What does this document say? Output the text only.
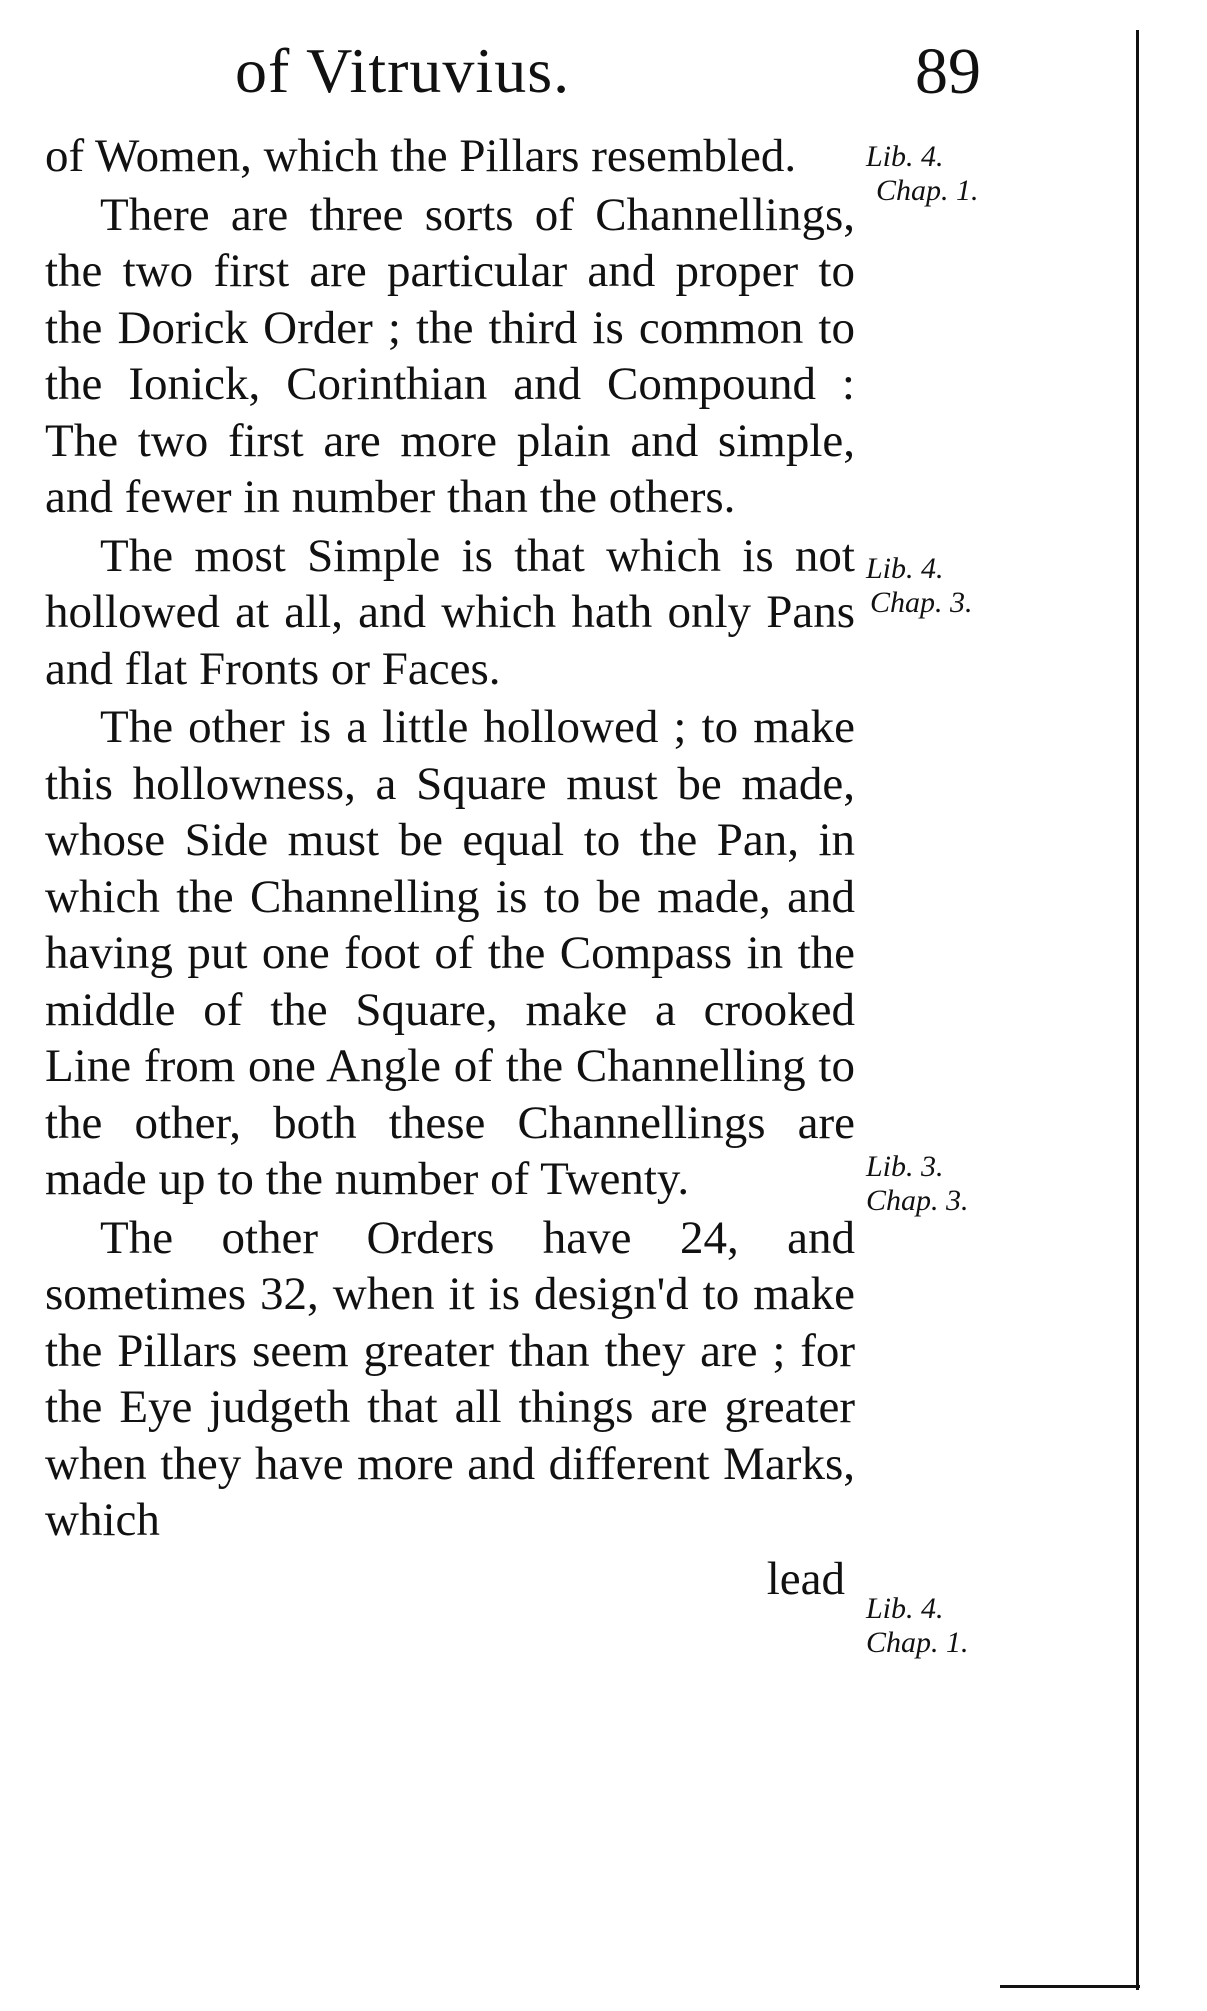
of Vitruvius.	89

of Women, which the Pillars resembled.

There are three sorts of Channellings, the two first are particular and proper to the Dorick Order ; the third is common to the Ionick, Corinthian and Compound : The two first are more plain and simple, and fewer in number than the others.

The most Simple is that which is not hollowed at all, and which hath only Pans and flat Fronts or Faces.

The other is a little hollowed ; to make this hollowness, a Square must be made, whose Side must be equal to the Pan, in which the Channelling is to be made, and having put one foot of the Compass in the middle of the Square, make a crooked Line from one Angle of the Channelling to the other, both these Channellings are made up to the number of Twenty.

The other Orders have 24, and sometimes 32, when it is design'd to make the Pillars seem greater than they are ; for the Eye judgeth that all things are greater when they have more and different Marks, which

lead

Lib. 4.
Chap. 1.
Lib. 4.
Chap. 3.
Lib. 3.
Chap. 3.
Lib. 4.
Chap. 1.
